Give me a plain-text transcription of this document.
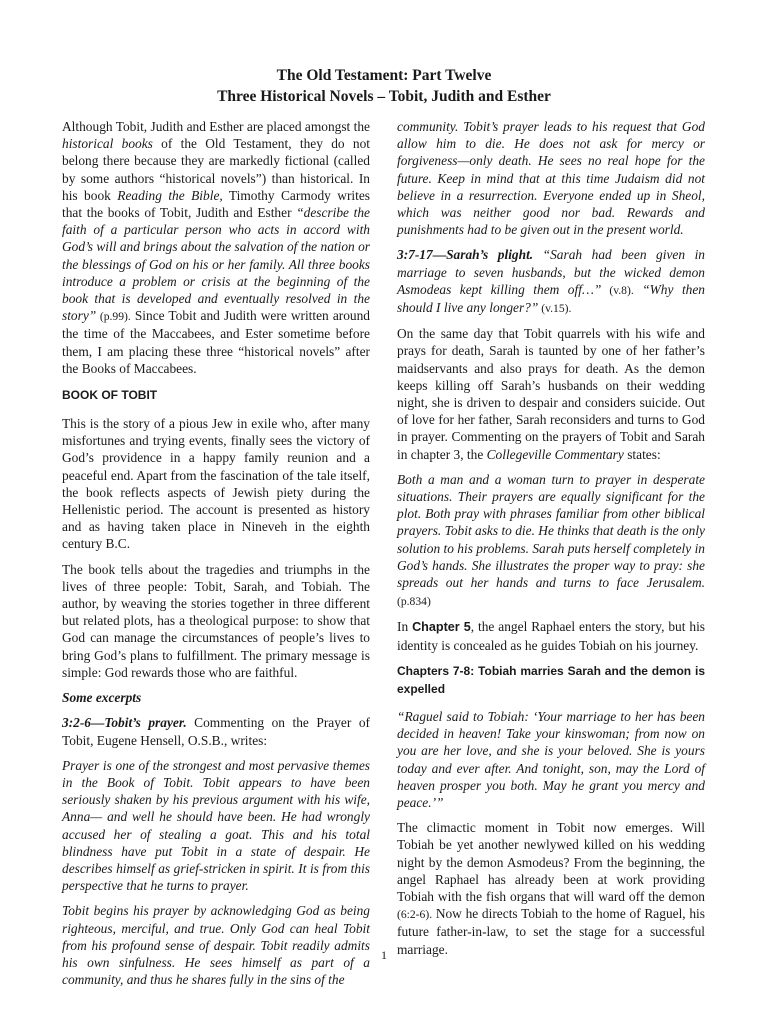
The Old Testament: Part Twelve
Three Historical Novels – Tobit, Judith and Esther

Although Tobit, Judith and Esther are placed amongst the historical books of the Old Testament, they do not belong there because they are markedly fictional (called by some authors “historical novels”) than historical. In his book Reading the Bible, Timothy Carmody writes that the books of Tobit, Judith and Esther “describe the faith of a particular person who acts in accord with God’s will and brings about the salvation of the nation or the blessings of God on his or her family. All three books introduce a problem or crisis at the beginning of the book that is developed and eventually resolved in the story” (p.99). Since Tobit and Judith were written around the time of the Maccabees, and Ester sometime before them, I am placing these three “historical novels” after the Books of Maccabees.

BOOK OF TOBIT

This is the story of a pious Jew in exile who, after many misfortunes and trying events, finally sees the victory of God’s providence in a happy family reunion and a peaceful end. Apart from the fascination of the tale itself, the book reflects aspects of Jewish piety during the Hellenistic period. The account is presented as history and as having taken place in Nineveh in the eighth century B.C.

The book tells about the tragedies and triumphs in the lives of three people: Tobit, Sarah, and Tobiah. The author, by weaving the stories together in three different but related plots, has a theological purpose: to show that God can manage the circumstances of people’s lives to bring God’s plans to fulfillment. The primary message is simple: God rewards those who are faithful.

Some excerpts

3:2-6—Tobit’s prayer. Commenting on the Prayer of Tobit, Eugene Hensell, O.S.B., writes:

Prayer is one of the strongest and most pervasive themes in the Book of Tobit. Tobit appears to have been seriously shaken by his previous argument with his wife, Anna— and well he should have been. He had wrongly accused her of stealing a goat. This and his total blindness have put Tobit in a state of despair. He describes himself as grief-stricken in spirit. It is from this perspective that he turns to prayer.

Tobit begins his prayer by acknowledging God as being righteous, merciful, and true. Only God can heal Tobit from his profound sense of despair. Tobit readily admits his own sinfulness. He sees himself as part of a community, and thus he shares fully in the sins of the

community. Tobit’s prayer leads to his request that God allow him to die. He does not ask for mercy or forgiveness—only death. He sees no real hope for the future. Keep in mind that at this time Judaism did not believe in a resurrection. Everyone ended up in Sheol, which was neither good nor bad. Rewards and punishments had to be given out in the present world.

3:7-17—Sarah’s plight. “Sarah had been given in marriage to seven husbands, but the wicked demon Asmodeas kept killing them off…” (v.8). “Why then should I live any longer?” (v.15).

On the same day that Tobit quarrels with his wife and prays for death, Sarah is taunted by one of her father’s maidservants and also prays for death. As the demon keeps killing off Sarah’s husbands on their wedding night, she is driven to despair and considers suicide. Out of love for her father, Sarah reconsiders and turns to God in prayer. Commenting on the prayers of Tobit and Sarah in chapter 3, the Collegeville Commentary states:

Both a man and a woman turn to prayer in desperate situations. Their prayers are equally significant for the plot. Both pray with phrases familiar from other biblical prayers. Tobit asks to die. He thinks that death is the only solution to his problems. Sarah puts herself completely in God’s hands. She illustrates the proper way to pray: she spreads out her hands and turns to face Jerusalem. (p.834)

In Chapter 5, the angel Raphael enters the story, but his identity is concealed as he guides Tobiah on his journey.

Chapters 7-8: Tobiah marries Sarah and the demon is expelled

“Raguel said to Tobiah: ‘Your marriage to her has been decided in heaven! Take your kinswoman; from now on you are her love, and she is your beloved. She is yours today and ever after. And tonight, son, may the Lord of heaven prosper you both. May he grant you mercy and peace.’”

The climactic moment in Tobit now emerges. Will Tobiah be yet another newlywed killed on his wedding night by the demon Asmodeus? From the beginning, the angel Raphael has already been at work providing Tobiah with the fish organs that will ward off the demon (6:2-6). Now he directs Tobiah to the home of Raguel, his future father-in-law, to set the stage for a successful marriage.

1
